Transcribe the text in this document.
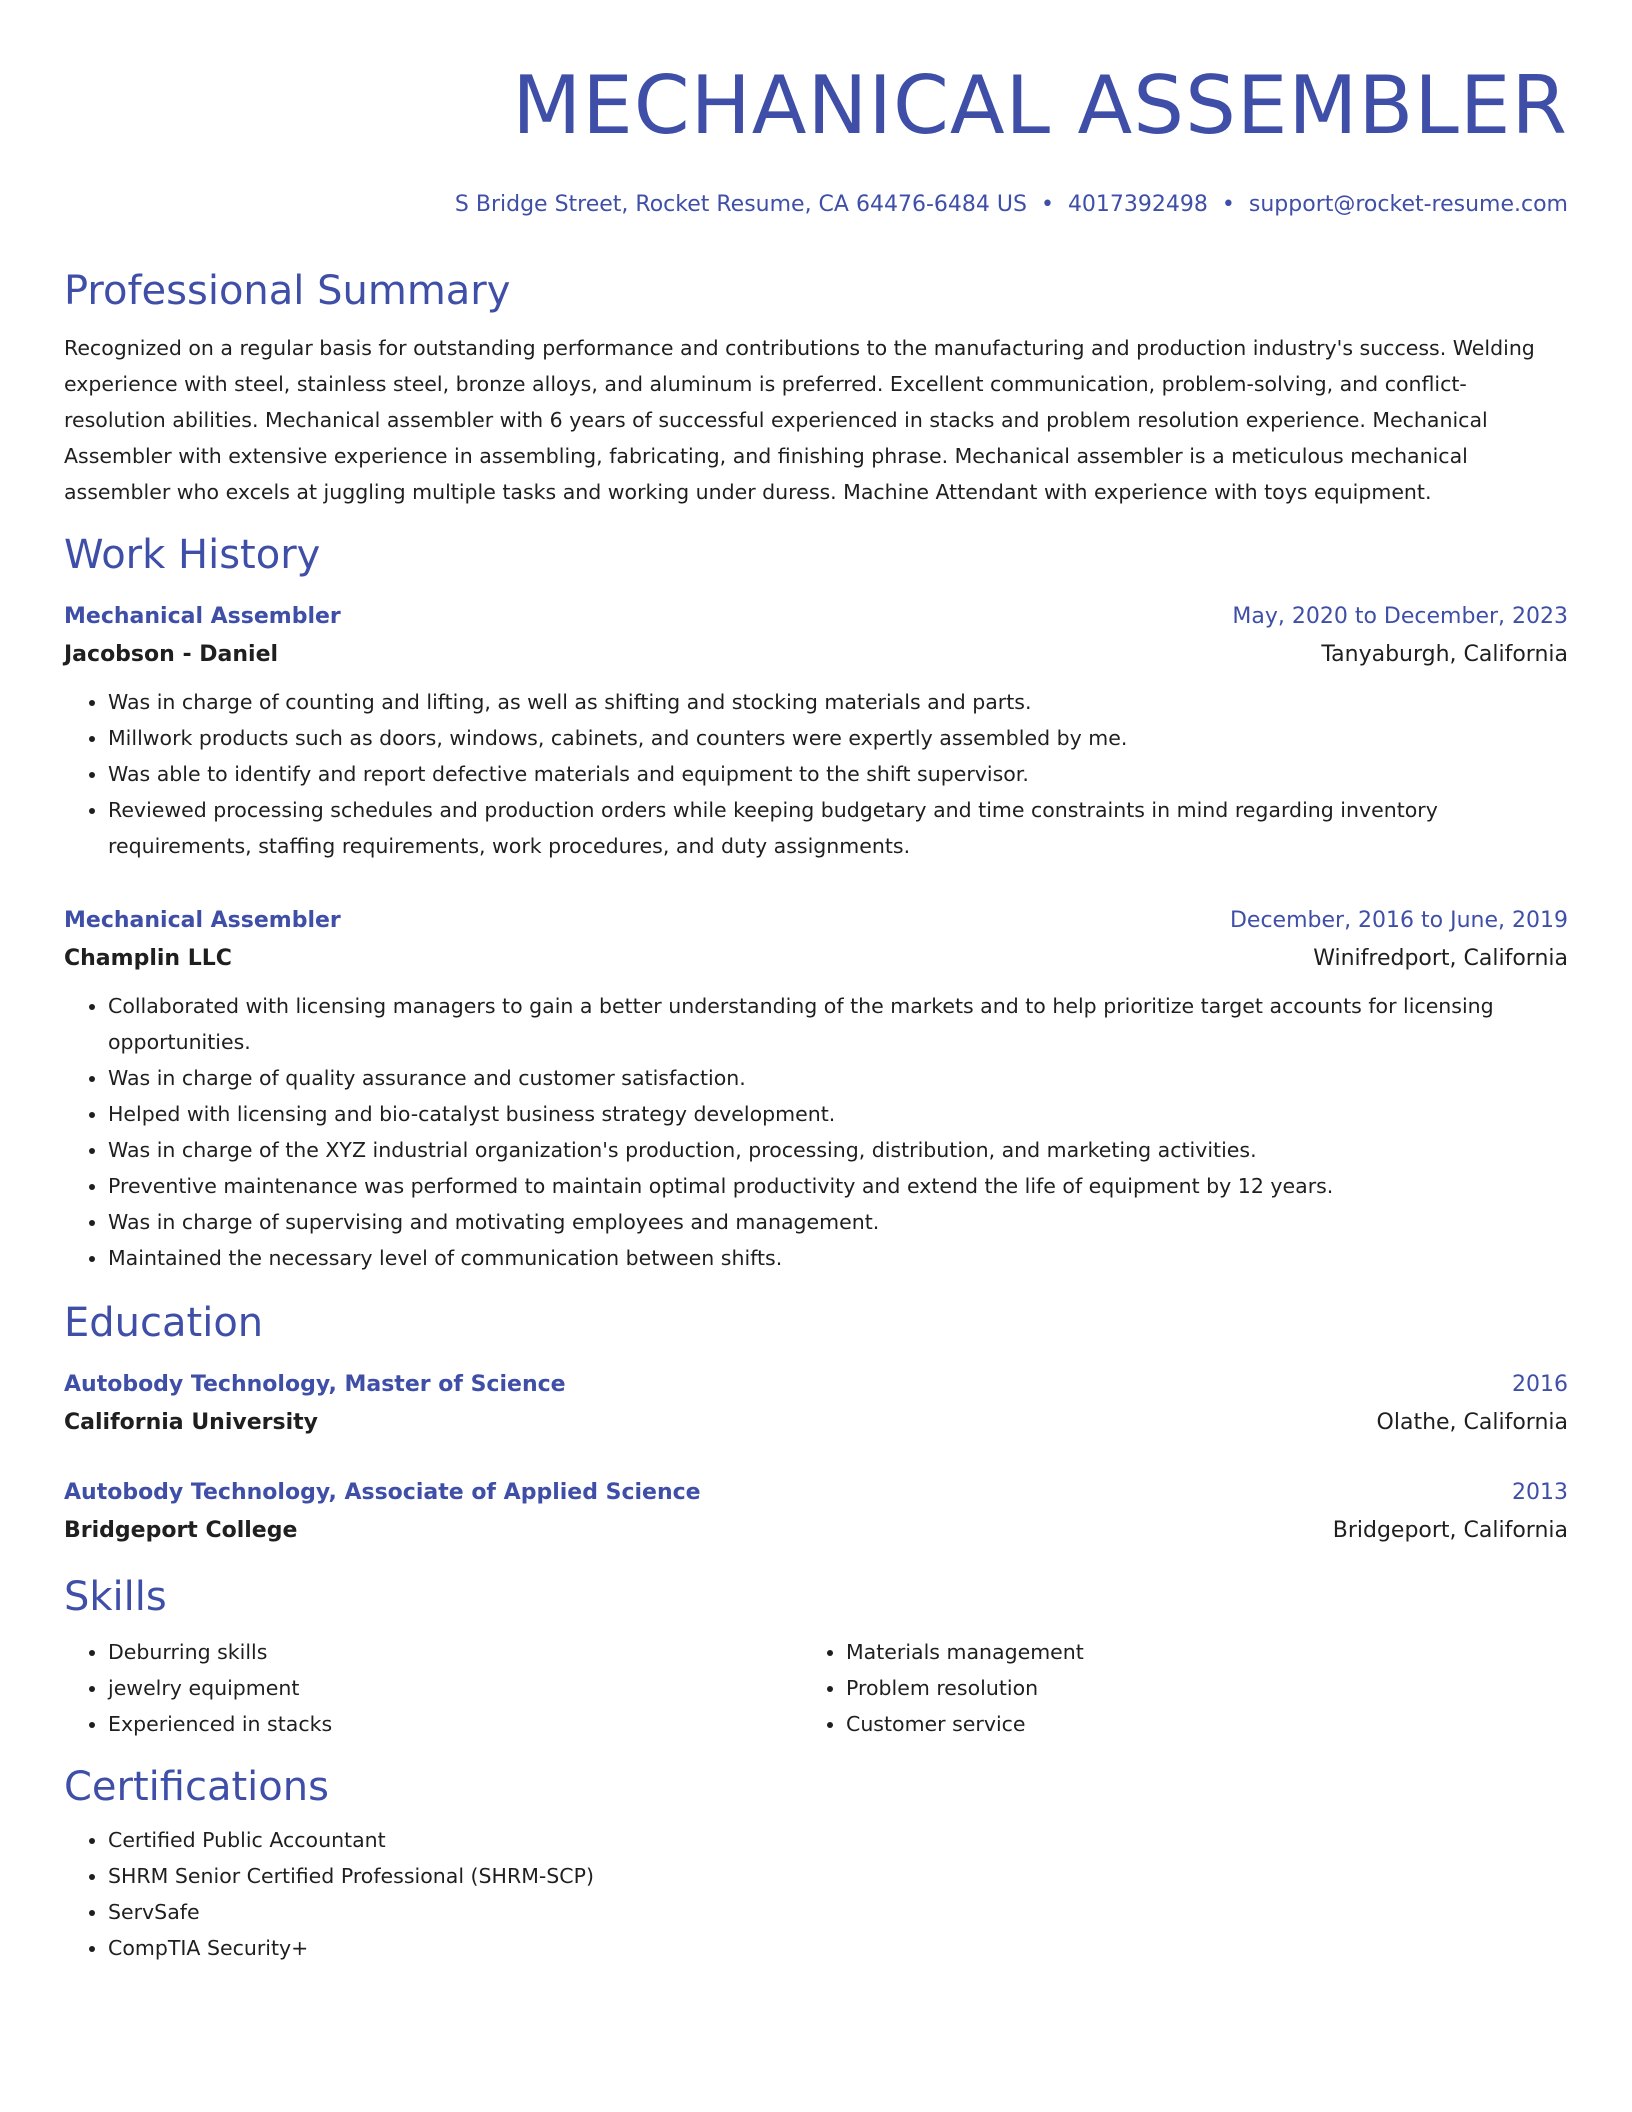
MECHANICAL ASSEMBLER
S Bridge Street, Rocket Resume, CA 64476-6484 US • 4017392498 • support@rocket-resume.com
Professional Summary

Recognized on a regular basis for outstanding performance and contributions to the manufacturing and production industry's success. Welding experience with steel, stainless steel, bronze alloys, and aluminum is preferred. Excellent communication, problem-solving, and conflict-resolution abilities. Mechanical assembler with 6 years of successful experienced in stacks and problem resolution experience. Mechanical Assembler with extensive experience in assembling, fabricating, and finishing phrase. Mechanical assembler is a meticulous mechanical assembler who excels at juggling multiple tasks and working under duress. Machine Attendant with experience with toys equipment.

Work History
Mechanical Assembler	May, 2020 to December, 2023
Jacobson - Daniel	Tanyaburgh, California
• Was in charge of counting and lifting, as well as shifting and stocking materials and parts.
• Millwork products such as doors, windows, cabinets, and counters were expertly assembled by me.
• Was able to identify and report defective materials and equipment to the shift supervisor.
• Reviewed processing schedules and production orders while keeping budgetary and time constraints in mind regarding inventory requirements, staffing requirements, work procedures, and duty assignments.
Mechanical Assembler	December, 2016 to June, 2019
Champlin LLC	Winifredport, California
• Collaborated with licensing managers to gain a better understanding of the markets and to help prioritize target accounts for licensing opportunities.
• Was in charge of quality assurance and customer satisfaction.
• Helped with licensing and bio-catalyst business strategy development.
• Was in charge of the XYZ industrial organization's production, processing, distribution, and marketing activities.
• Preventive maintenance was performed to maintain optimal productivity and extend the life of equipment by 12 years.
• Was in charge of supervising and motivating employees and management.
• Maintained the necessary level of communication between shifts.
Education
Autobody Technology, Master of Science	2016
California University	Olathe, California
Autobody Technology, Associate of Applied Science	2013
Bridgeport College	Bridgeport, California
Skills
• Deburring skills
• jewelry equipment
• Experienced in stacks
• Materials management
• Problem resolution
• Customer service
Certifications
• Certified Public Accountant
• SHRM Senior Certified Professional (SHRM-SCP)
• ServSafe
• CompTIA Security+
